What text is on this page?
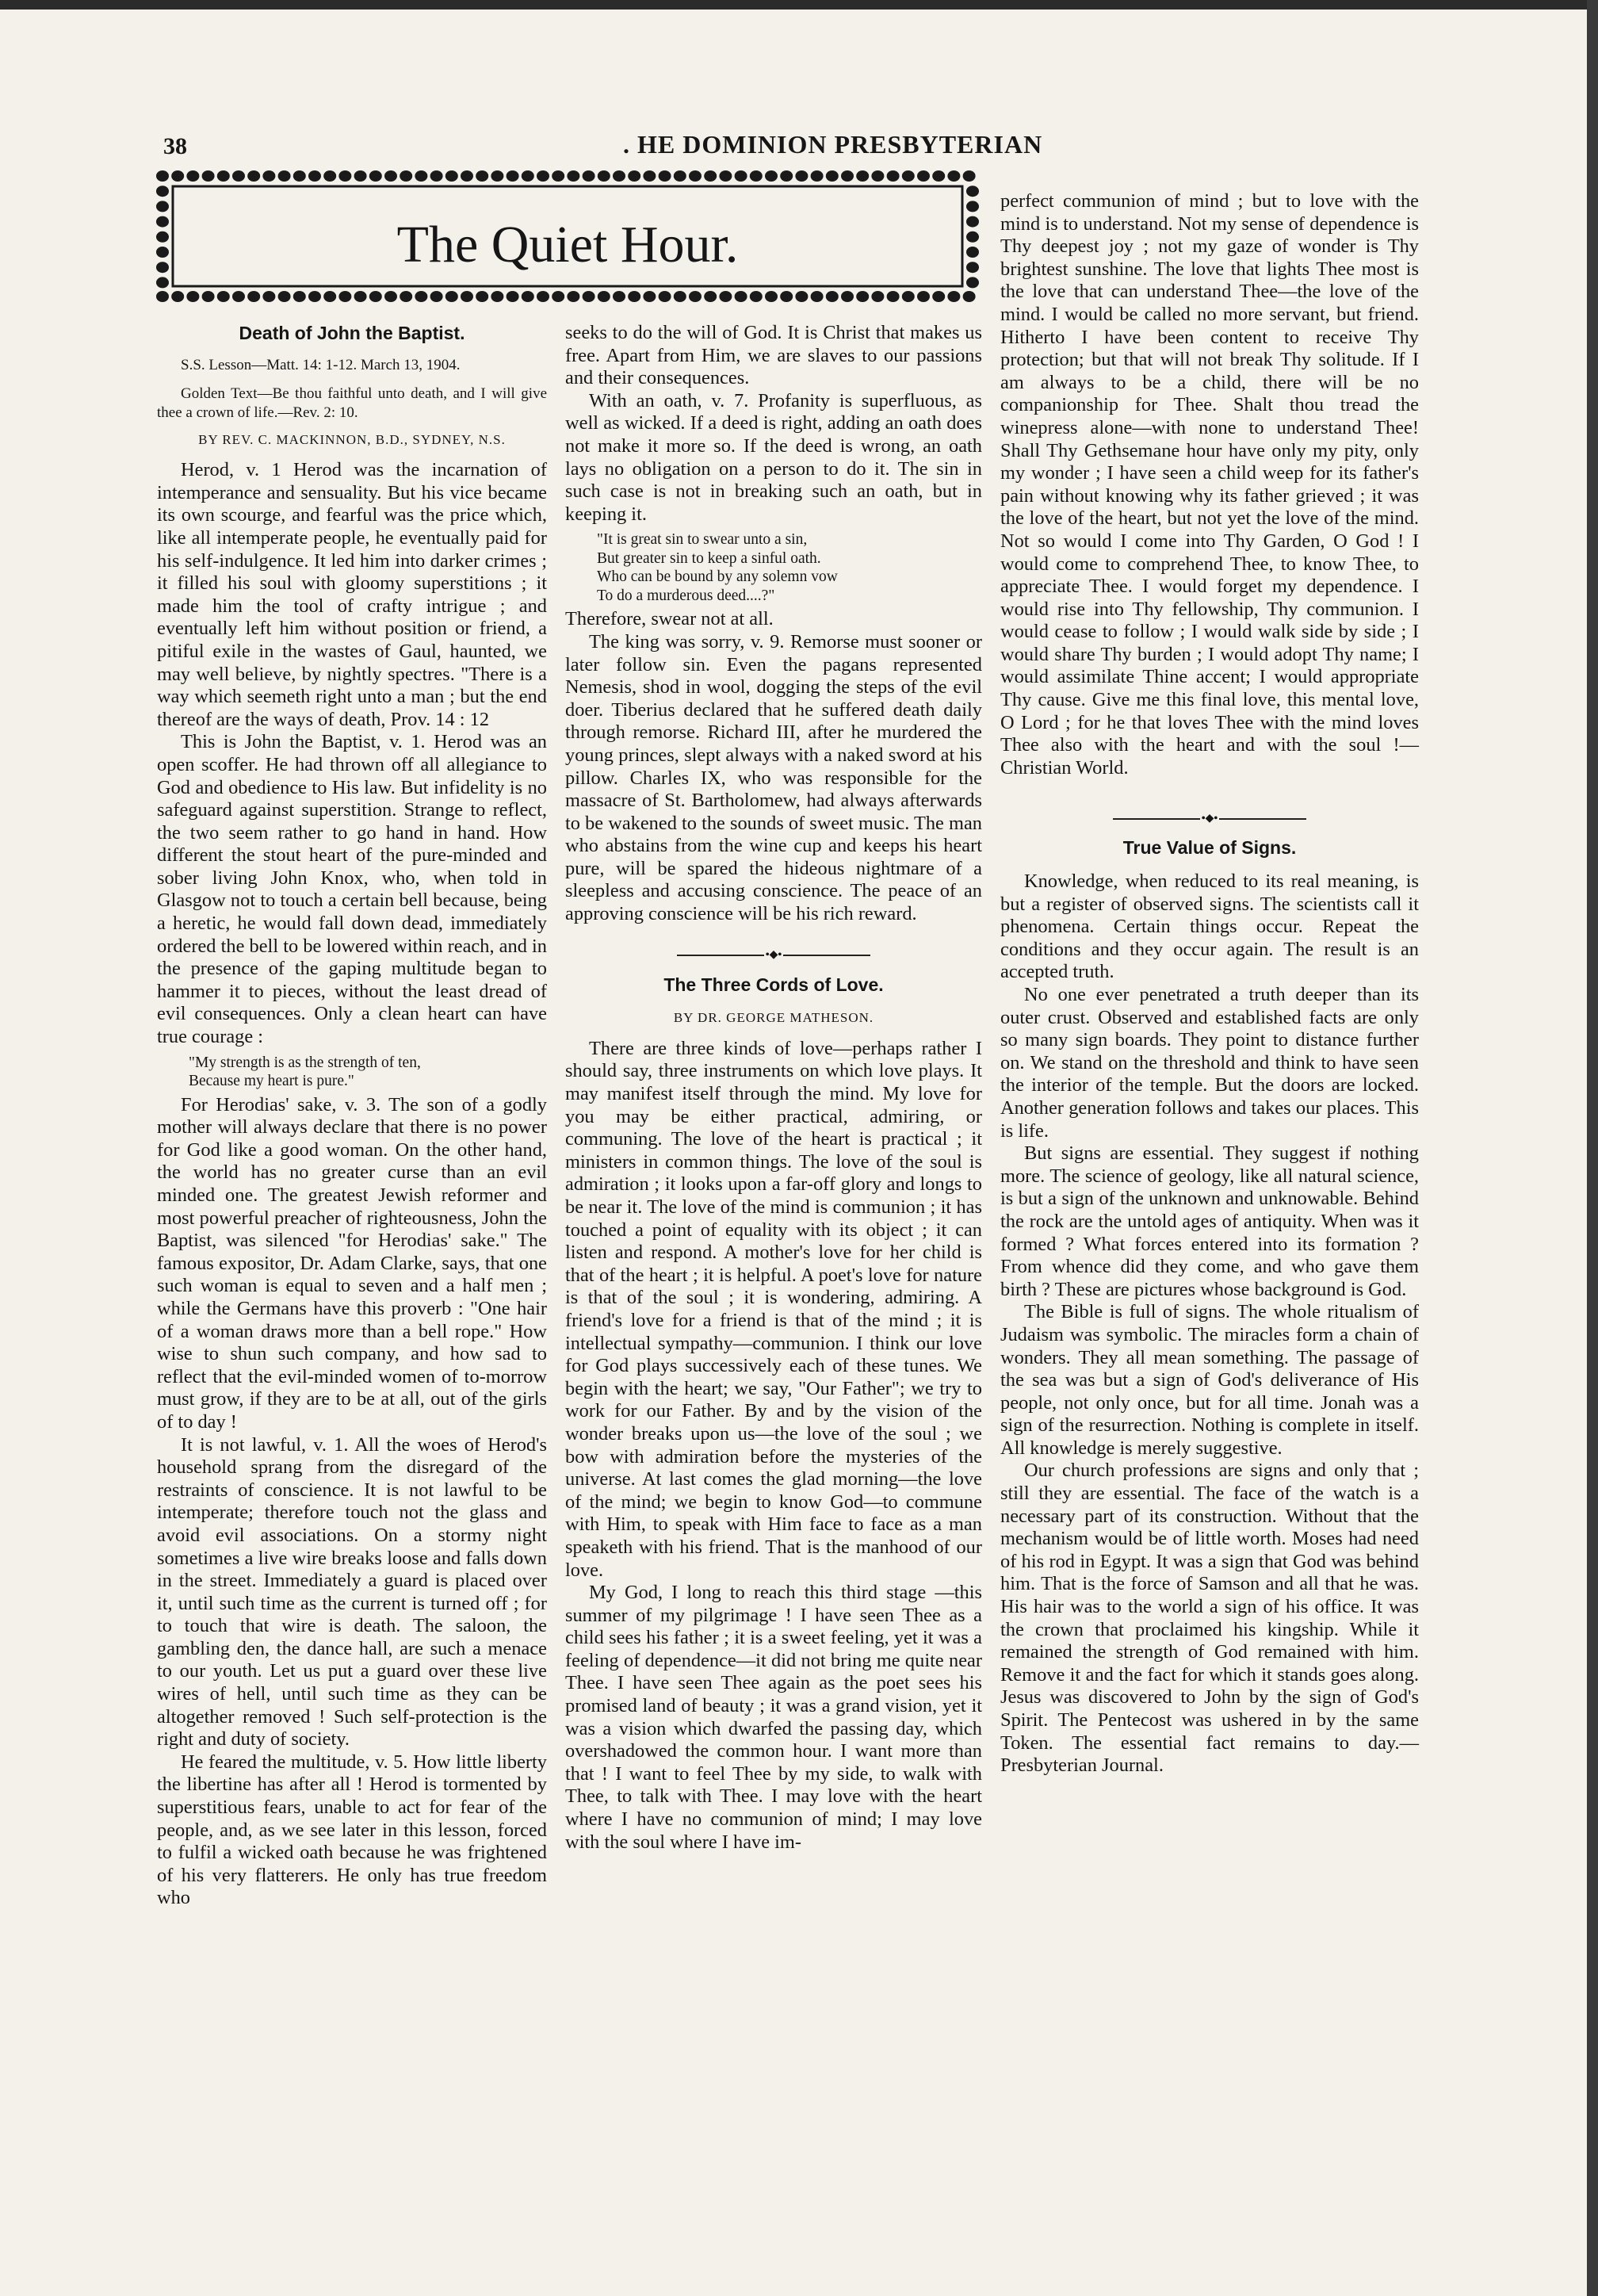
38	. HE DOMINION PRESBYTERIAN
The Quiet Hour.
Death of John the Baptist.

S.S. Lesson—Matt. 14: 1-12. March 13, 1904.

Golden Text—Be thou faithful unto death, and I will give thee a crown of life.—Rev. 2: 10.

BY REV. C. MACKINNON, B.D., SYDNEY, N.S.

Herod, v. 1 Herod was the incarnation of intemperance and sensuality. But his vice became its own scourge, and fearful was the price which, like all intemperate people, he eventually paid for his self-indulgence. It led him into darker crimes ; it filled his soul with gloomy superstitions ; it made him the tool of crafty intrigue ; and eventually left him without position or friend, a pitiful exile in the wastes of Gaul, haunted, we may well believe, by nightly spectres. "There is a way which seemeth right unto a man ; but the end thereof are the ways of death, Prov. 14 : 12

This is John the Baptist, v. 1. Herod was an open scoffer. He had thrown off all allegiance to God and obedience to His law. But infidelity is no safeguard against superstition. Strange to reflect, the two seem rather to go hand in hand. How different the stout heart of the pure-minded and sober living John Knox, who, when told in Glasgow not to touch a certain bell because, being a heretic, he would fall down dead, immediately ordered the bell to be lowered within reach, and in the presence of the gaping multitude began to hammer it to pieces, without the least dread of evil consequences. Only a clean heart can have true courage :

"My strength is as the strength of ten,
Because my heart is pure."

For Herodias' sake, v. 3. The son of a godly mother will always declare that there is no power for God like a good woman. On the other hand, the world has no greater curse than an evil minded one. The greatest Jewish reformer and most powerful preacher of righteousness, John the Baptist, was silenced "for Herodias' sake." The famous expositor, Dr. Adam Clarke, says, that one such woman is equal to seven and a half men ; while the Germans have this proverb : "One hair of a woman draws more than a bell rope." How wise to shun such company, and how sad to reflect that the evil-minded women of to-morrow must grow, if they are to be at all, out of the girls of to day !

It is not lawful, v. 1. All the woes of Herod's household sprang from the disregard of the restraints of conscience. It is not lawful to be intemperate; therefore touch not the glass and avoid evil associations. On a stormy night sometimes a live wire breaks loose and falls down in the street. Immediately a guard is placed over it, until such time as the current is turned off ; for to touch that wire is death. The saloon, the gambling den, the dance hall, are such a menace to our youth. Let us put a guard over these live wires of hell, until such time as they can be altogether removed ! Such self-protection is the right and duty of society.

He feared the multitude, v. 5. How little liberty the libertine has after all ! Herod is tormented by superstitious fears, unable to act for fear of the people, and, as we see later in this lesson, forced to fulfil a wicked oath because he was frightened of his very flatterers. He only has true freedom who

seeks to do the will of God. It is Christ that makes us free. Apart from Him, we are slaves to our passions and their consequences.

With an oath, v. 7. Profanity is superfluous, as well as wicked. If a deed is right, adding an oath does not make it more so. If the deed is wrong, an oath lays no obligation on a person to do it. The sin in such case is not in breaking such an oath, but in keeping it.

"It is great sin to swear unto a sin,
But greater sin to keep a sinful oath.
Who can be bound by any solemn vow
To do a murderous deed....?"

Therefore, swear not at all.

The king was sorry, v. 9. Remorse must sooner or later follow sin. Even the pagans represented Nemesis, shod in wool, dogging the steps of the evil doer. Tiberius declared that he suffered death daily through remorse. Richard III, after he murdered the young princes, slept always with a naked sword at his pillow. Charles IX, who was responsible for the massacre of St. Bartholomew, had always afterwards to be wakened to the sounds of sweet music. The man who abstains from the wine cup and keeps his heart pure, will be spared the hideous nightmare of a sleepless and accusing conscience. The peace of an approving conscience will be his rich reward.

•◆•
The Three Cords of Love.
BY DR. GEORGE MATHESON.

There are three kinds of love—perhaps rather I should say, three instruments on which love plays. It may manifest itself through the mind. My love for you may be either practical, admiring, or communing. The love of the heart is practical ; it ministers in common things. The love of the soul is admiration ; it looks upon a far-off glory and longs to be near it. The love of the mind is communion ; it has touched a point of equality with its object ; it can listen and respond. A mother's love for her child is that of the heart ; it is helpful. A poet's love for nature is that of the soul ; it is wondering, admiring. A friend's love for a friend is that of the mind ; it is intellectual sympathy—communion. I think our love for God plays successively each of these tunes. We begin with the heart; we say, "Our Father"; we try to work for our Father. By and by the vision of the wonder breaks upon us—the love of the soul ; we bow with admiration before the mysteries of the universe. At last comes the glad morning—the love of the mind; we begin to know God—to commune with Him, to speak with Him face to face as a man speaketh with his friend. That is the manhood of our love.

My God, I long to reach this third stage —this summer of my pilgrimage ! I have seen Thee as a child sees his father ; it is a sweet feeling, yet it was a feeling of dependence—it did not bring me quite near Thee. I have seen Thee again as the poet sees his promised land of beauty ; it was a grand vision, yet it was a vision which dwarfed the passing day, which overshadowed the common hour. I want more than that ! I want to feel Thee by my side, to walk with Thee, to talk with Thee. I may love with the heart where I have no communion of mind; I may love with the soul where I have im-

perfect communion of mind ; but to love with the mind is to understand. Not my sense of dependence is Thy deepest joy ; not my gaze of wonder is Thy brightest sunshine. The love that lights Thee most is the love that can understand Thee—the love of the mind. I would be called no more servant, but friend. Hitherto I have been content to receive Thy protection; but that will not break Thy solitude. If I am always to be a child, there will be no companionship for Thee. Shalt thou tread the winepress alone—with none to understand Thee! Shall Thy Gethsemane hour have only my pity, only my wonder ; I have seen a child weep for its father's pain without knowing why its father grieved ; it was the love of the heart, but not yet the love of the mind. Not so would I come into Thy Garden, O God ! I would come to comprehend Thee, to know Thee, to appreciate Thee. I would forget my dependence. I would rise into Thy fellowship, Thy communion. I would cease to follow ; I would walk side by side ; I would share Thy burden ; I would adopt Thy name; I would assimilate Thine accent; I would appropriate Thy cause. Give me this final love, this mental love, O Lord ; for he that loves Thee with the mind loves Thee also with the heart and with the soul !—Christian World.

•◆•
True Value of Signs.

Knowledge, when reduced to its real meaning, is but a register of observed signs. The scientists call it phenomena. Certain things occur. Repeat the conditions and they occur again. The result is an accepted truth.

No one ever penetrated a truth deeper than its outer crust. Observed and established facts are only so many sign boards. They point to distance further on. We stand on the threshold and think to have seen the interior of the temple. But the doors are locked. Another generation follows and takes our places. This is life.

But signs are essential. They suggest if nothing more. The science of geology, like all natural science, is but a sign of the unknown and unknowable. Behind the rock are the untold ages of antiquity. When was it formed ? What forces entered into its formation ? From whence did they come, and who gave them birth ? These are pictures whose background is God.

The Bible is full of signs. The whole ritualism of Judaism was symbolic. The miracles form a chain of wonders. They all mean something. The passage of the sea was but a sign of God's deliverance of His people, not only once, but for all time. Jonah was a sign of the resurrection. Nothing is complete in itself. All knowledge is merely suggestive.

Our church professions are signs and only that ; still they are essential. The face of the watch is a necessary part of its construction. Without that the mechanism would be of little worth. Moses had need of his rod in Egypt. It was a sign that God was behind him. That is the force of Samson and all that he was. His hair was to the world a sign of his office. It was the crown that proclaimed his kingship. While it remained the strength of God remained with him. Remove it and the fact for which it stands goes along. Jesus was discovered to John by the sign of God's Spirit. The Pentecost was ushered in by the same Token. The essential fact remains to day.—Presbyterian Journal.
